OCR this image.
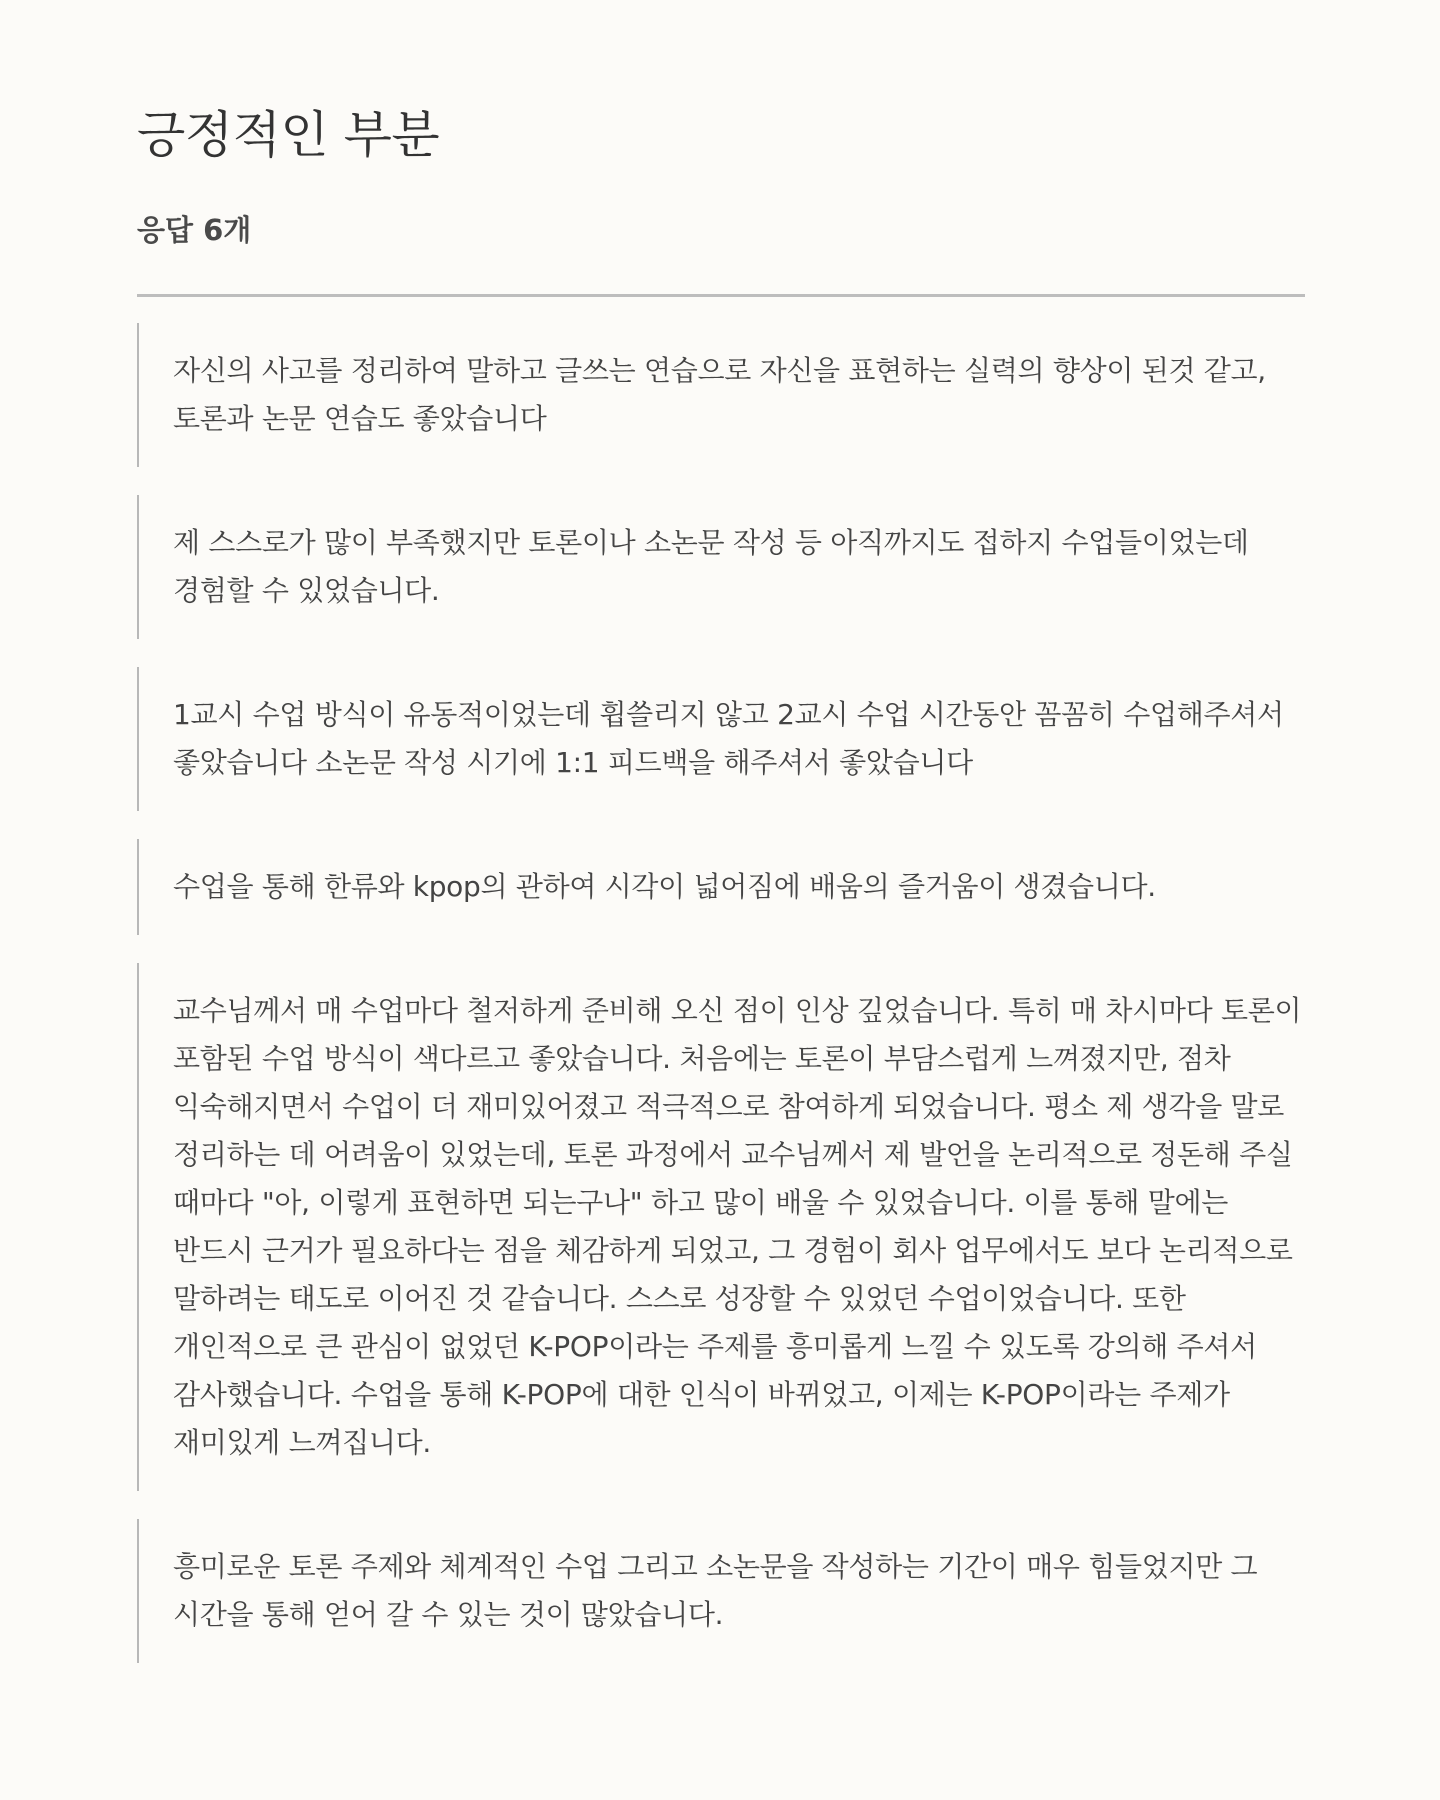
긍정적인 부분
응답 6개

자신의 사고를 정리하여 말하고 글쓰는 연습으로 자신을 표현하는 실력의 향상이 된것 같고, 토론과 논문 연습도 좋았습니다

제 스스로가 많이 부족했지만 토론이나 소논문 작성 등 아직까지도 접하지 수업들이었는데 경험할 수 있었습니다.

1교시 수업 방식이 유동적이었는데 휩쓸리지 않고 2교시 수업 시간동안 꼼꼼히 수업해주셔서 좋았습니다 소논문 작성 시기에 1:1 피드백을 해주셔서 좋았습니다

수업을 통해 한류와 kpop의 관하여 시각이 넓어짐에 배움의 즐거움이 생겼습니다.

교수님께서 매 수업마다 철저하게 준비해 오신 점이 인상 깊었습니다. 특히 매 차시마다 토론이 포함된 수업 방식이 색다르고 좋았습니다. 처음에는 토론이 부담스럽게 느껴졌지만, 점차 익숙해지면서 수업이 더 재미있어졌고 적극적으로 참여하게 되었습니다. 평소 제 생각을 말로 정리하는 데 어려움이 있었는데, 토론 과정에서 교수님께서 제 발언을 논리적으로 정돈해 주실 때마다 "아, 이렇게 표현하면 되는구나" 하고 많이 배울 수 있었습니다. 이를 통해 말에는 반드시 근거가 필요하다는 점을 체감하게 되었고, 그 경험이 회사 업무에서도 보다 논리적으로 말하려는 태도로 이어진 것 같습니다. 스스로 성장할 수 있었던 수업이었습니다. 또한 개인적으로 큰 관심이 없었던 K-POP이라는 주제를 흥미롭게 느낄 수 있도록 강의해 주셔서 감사했습니다. 수업을 통해 K-POP에 대한 인식이 바뀌었고, 이제는 K-POP이라는 주제가 재미있게 느껴집니다.

흥미로운 토론 주제와 체계적인 수업 그리고 소논문을 작성하는 기간이 매우 힘들었지만 그 시간을 통해 얻어 갈 수 있는 것이 많았습니다.
